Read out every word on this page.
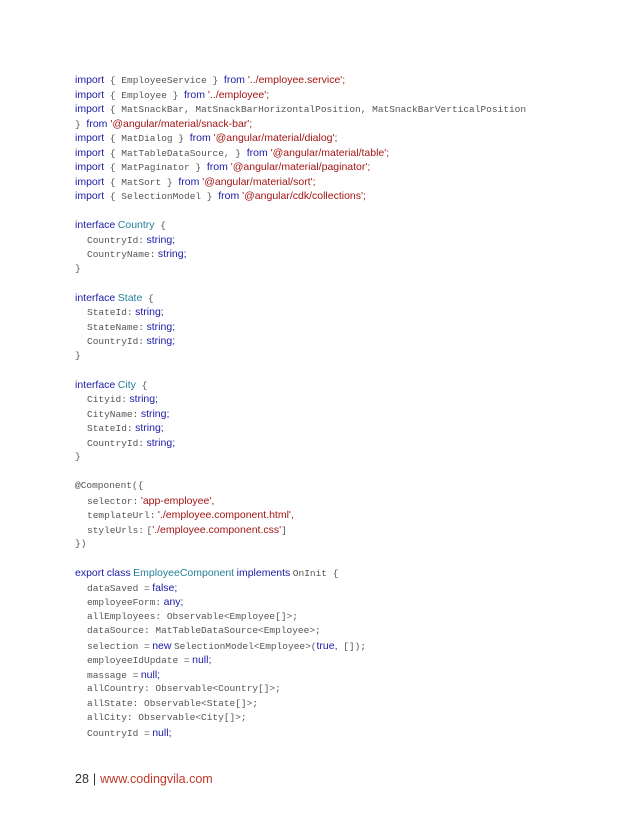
import { EmployeeService } from '../employee.service';
import { Employee } from '../employee';
import { MatSnackBar, MatSnackBarHorizontalPosition, MatSnackBarVerticalPosition
} from '@angular/material/snack-bar';
import { MatDialog } from '@angular/material/dialog';
import { MatTableDataSource, } from '@angular/material/table';
import { MatPaginator } from '@angular/material/paginator';
import { MatSort } from '@angular/material/sort';
import { SelectionModel } from '@angular/cdk/collections';
interface Country {
CountryId: string;
CountryName: string;
}
interface State {
StateId: string;
StateName: string;
CountryId: string;
}
interface City {
Cityid: string;
CityName: string;
StateId: string;
CountryId: string;
}
@Component({
selector: 'app-employee',
templateUrl: './employee.component.html',
styleUrls: ['./employee.component.css']
})
export class EmployeeComponent implements OnInit {
dataSaved = false;
employeeForm: any;
allEmployees: Observable<Employee[]>;
dataSource: MatTableDataSource<Employee>;
selection = new SelectionModel<Employee>(true, []);
employeeIdUpdate = null;
massage = null;
allCountry: Observable<Country[]>;
allState: Observable<State[]>;
allCity: Observable<City[]>;
CountryId = null;
28 | www.codingvila.com
